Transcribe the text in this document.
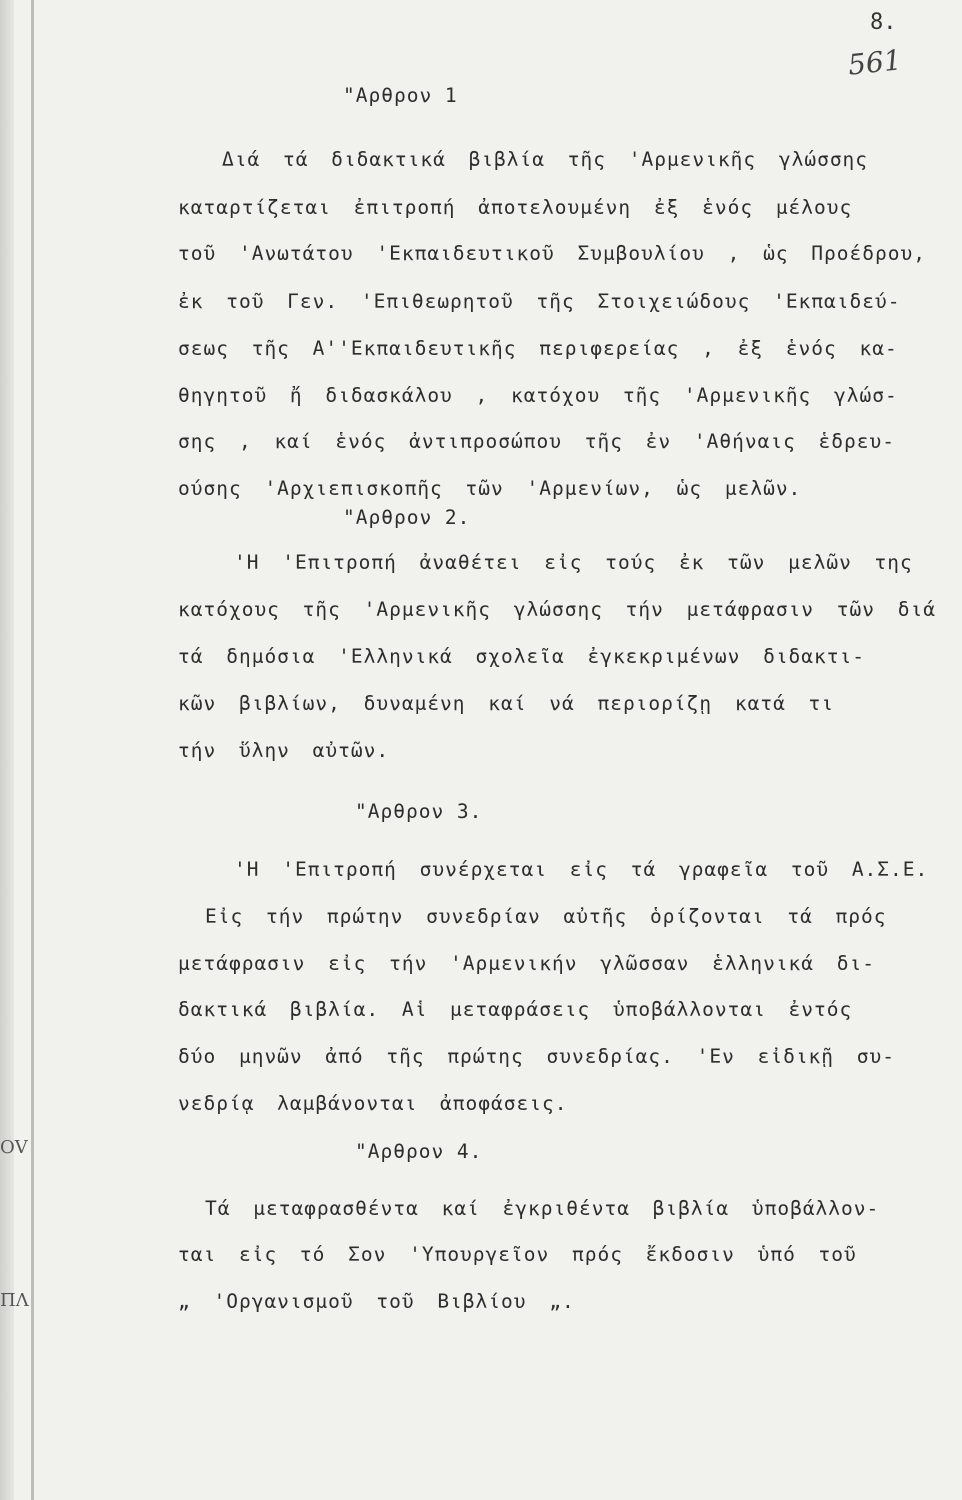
ΟV
ΠΛ
8.
561
"Αρθρον 1
Διά τά διδακτικά βιβλία τῆς 'Αρμενικῆς γλώσσης
καταρτίζεται ἐπιτροπή ἀποτελουμένη ἐξ ἑνός μέλους
τοῦ 'Ανωτάτου 'Εκπαιδευτικοῦ Συμβουλίου , ὡς Προέδρου,
ἐκ τοῦ Γεν. 'Επιθεωρητοῦ τῆς Στοιχειώδους 'Εκπαιδεύ-
σεως τῆς Α''Εκπαιδευτικῆς περιφερείας , ἐξ ἑνός κα-
θηγητοῦ ἤ διδασκάλου , κατόχου τῆς 'Αρμενικῆς γλώσ-
σης , καί ἑνός ἀντιπροσώπου τῆς ἐν 'Αθήναις ἑδρευ-
ούσης 'Αρχιεπισκοπῆς τῶν 'Αρμενίων, ὡς μελῶν.
"Αρθρον 2.
'Η 'Επιτροπή ἀναθέτει εἰς τούς ἐκ τῶν μελῶν της
κατόχους τῆς 'Αρμενικῆς γλώσσης τήν μετάφρασιν τῶν διά
τά δημόσια 'Ελληνικά σχολεῖα ἐγκεκριμένων διδακτι-
κῶν βιβλίων, δυναμένη καί νά περιορίζῃ κατά τι
τήν ὕλην αὐτῶν.
"Αρθρον 3.
'Η 'Επιτροπή συνέρχεται εἰς τά γραφεῖα τοῦ Α.Σ.Ε.
Εἰς τήν πρώτην συνεδρίαν αὐτῆς ὁρίζονται τά πρός
μετάφρασιν εἰς τήν 'Αρμενικήν γλῶσσαν ἑλληνικά δι-
δακτικά βιβλία. Αἱ μεταφράσεις ὑποβάλλονται ἐντός
δύο μηνῶν ἀπό τῆς πρώτης συνεδρίας. 'Εν εἰδικῇ συ-
νεδρίᾳ λαμβάνονται ἀποφάσεις.
"Αρθρον 4.
Τά μεταφρασθέντα καί ἐγκριθέντα βιβλία ὑποβάλλον-
ται εἰς τό Σον 'Υπουργεῖον πρός ἔκδοσιν ὑπό τοῦ
„ 'Οργανισμοῦ τοῦ Βιβλίου „.
